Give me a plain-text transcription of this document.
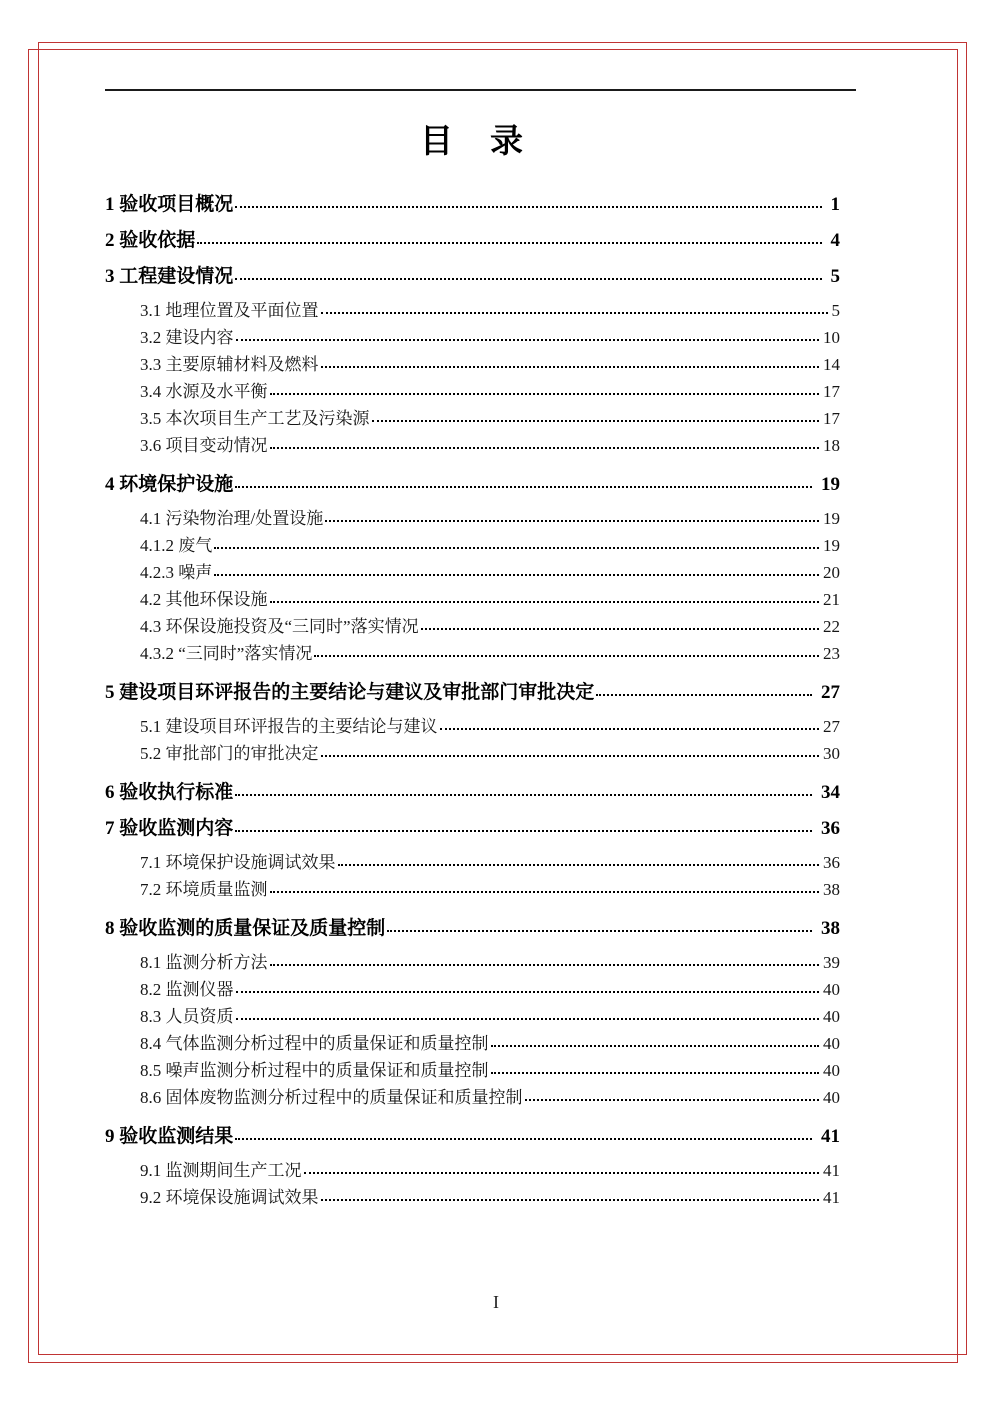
目　录
1 验收项目概况	1
2 验收依据	4
3 工程建设情况	5
3.1 地理位置及平面位置	5
3.2 建设内容	10
3.3 主要原辅材料及燃料	14
3.4 水源及水平衡	17
3.5 本次项目生产工艺及污染源	17
3.6 项目变动情况	18
4 环境保护设施	19
4.1 污染物治理/处置设施	19
4.1.2 废气	19
4.2.3 噪声	20
4.2 其他环保设施	21
4.3 环保设施投资及“三同时”落实情况	22
4.3.2 “三同时”落实情况	23
5 建设项目环评报告的主要结论与建议及审批部门审批决定	27
5.1 建设项目环评报告的主要结论与建议	27
5.2 审批部门的审批决定	30
6 验收执行标准	34
7 验收监测内容	36
7.1 环境保护设施调试效果	36
7.2 环境质量监测	38
8 验收监测的质量保证及质量控制	38
8.1 监测分析方法	39
8.2 监测仪器	40
8.3 人员资质	40
8.4 气体监测分析过程中的质量保证和质量控制	40
8.5 噪声监测分析过程中的质量保证和质量控制	40
8.6 固体废物监测分析过程中的质量保证和质量控制	40
9 验收监测结果	41
9.1 监测期间生产工况	41
9.2 环境保设施调试效果	41
I
